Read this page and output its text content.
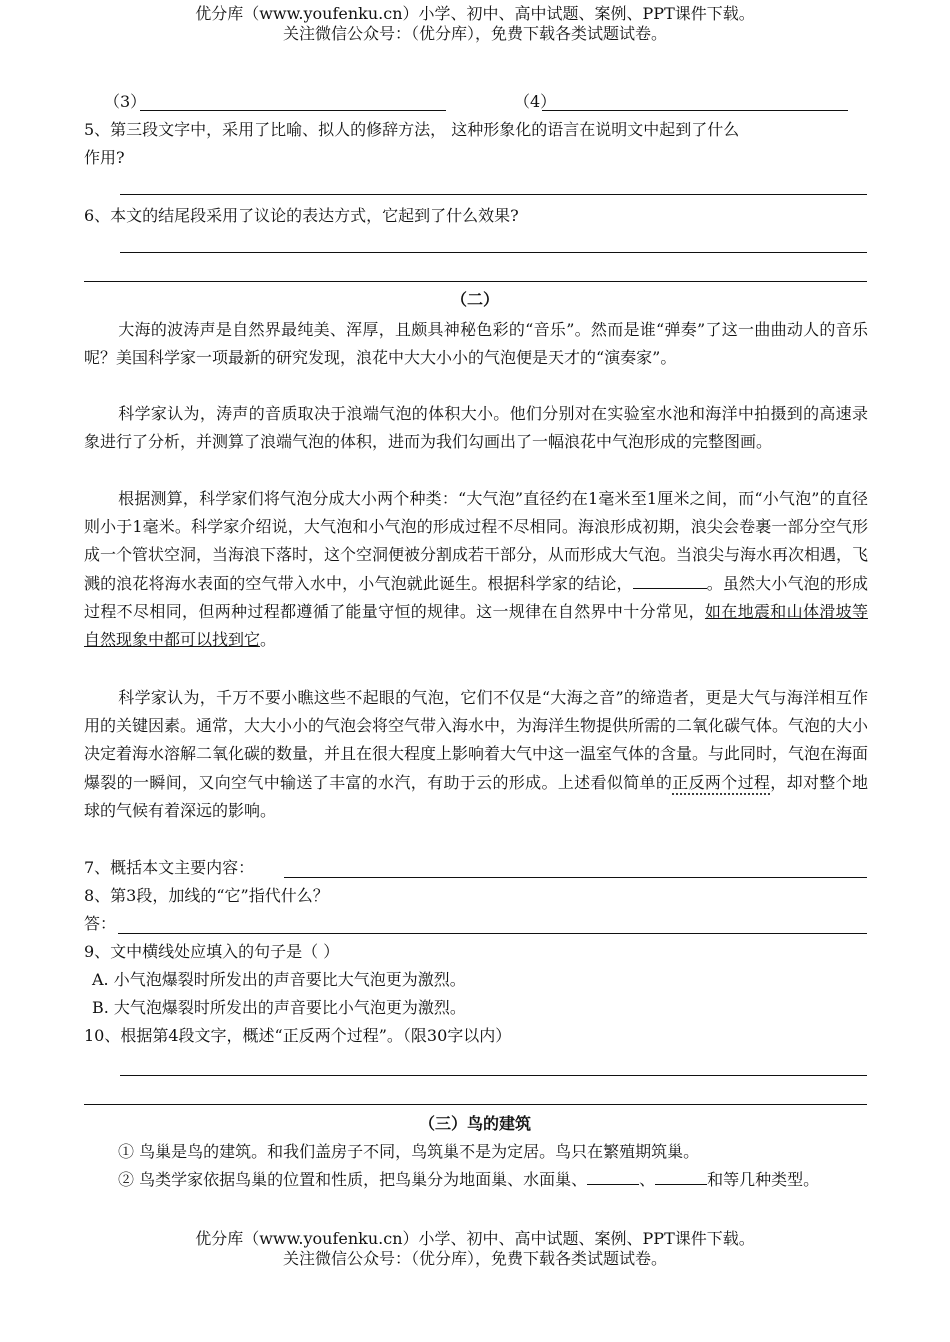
优分库（www.youfenku.cn）小学、初中、高中试题、案例、PPT课件下载。
关注微信公众号：（优分库），免费下载各类试题试卷。
（3）	（4）
5、第三段文字中，采用了比喻、拟人的修辞方法， 这种形象化的语言在说明文中起到了什么
作用?
6、本文的结尾段采用了议论的表达方式，它起到了什么效果?
（二）
大海的波涛声是自然界最纯美、浑厚，且颇具神秘色彩的“音乐”。然而是谁“弹奏”了这一曲曲动人的音乐呢？美国科学家一项最新的研究发现，浪花中大大小小的气泡便是天才的“演奏家”。
科学家认为，涛声的音质取决于浪端气泡的体积大小。他们分别对在实验室水池和海洋中拍摄到的高速录象进行了分析，并测算了浪端气泡的体积，进而为我们勾画出了一幅浪花中气泡形成的完整图画。
根据测算，科学家们将气泡分成大小两个种类：“大气泡”直径约在1毫米至1厘米之间，而“小气泡”的直径则小于1毫米。科学家介绍说，大气泡和小气泡的形成过程不尽相同。海浪形成初期，浪尖会卷裹一部分空气形成一个管状空洞，当海浪下落时，这个空洞便被分割成若干部分，从而形成大气泡。当浪尖与海水再次相遇，飞溅的浪花将海水表面的空气带入水中，小气泡就此诞生。根据科学家的结论，	。虽然大小气泡的形成过程不尽相同，但两种过程都遵循了能量守恒的规律。这一规律在自然界中十分常见，如在地震和山体滑坡等自然现象中都可以找到它。
科学家认为，千万不要小瞧这些不起眼的气泡，它们不仅是“大海之音”的缔造者，更是大气与海洋相互作用的关键因素。通常，大大小小的气泡会将空气带入海水中，为海洋生物提供所需的二氧化碳气体。气泡的大小决定着海水溶解二氧化碳的数量，并且在很大程度上影响着大气中这一温室气体的含量。与此同时，气泡在海面爆裂的一瞬间，又向空气中输送了丰富的水汽，有助于云的形成。上述看似简单的正反两个过程，却对整个地球的气候有着深远的影响。
7、概括本文主要内容：
8、第3段，加线的“它”指代什么？
答：
9、文中横线处应填入的句子是（ ）
A. 小气泡爆裂时所发出的声音要比大气泡更为激烈。
B. 大气泡爆裂时所发出的声音要比小气泡更为激烈。
10、根据第4段文字，概述“正反两个过程”。（限30字以内）
（三）鸟的建筑
① 鸟巢是鸟的建筑。和我们盖房子不同，鸟筑巢不是为定居。鸟只在繁殖期筑巢。
② 鸟类学家依据鸟巢的位置和性质，把鸟巢分为地面巢、水面巢、	、	和等几种类型。
优分库（www.youfenku.cn）小学、初中、高中试题、案例、PPT课件下载。
关注微信公众号：（优分库），免费下载各类试题试卷。
